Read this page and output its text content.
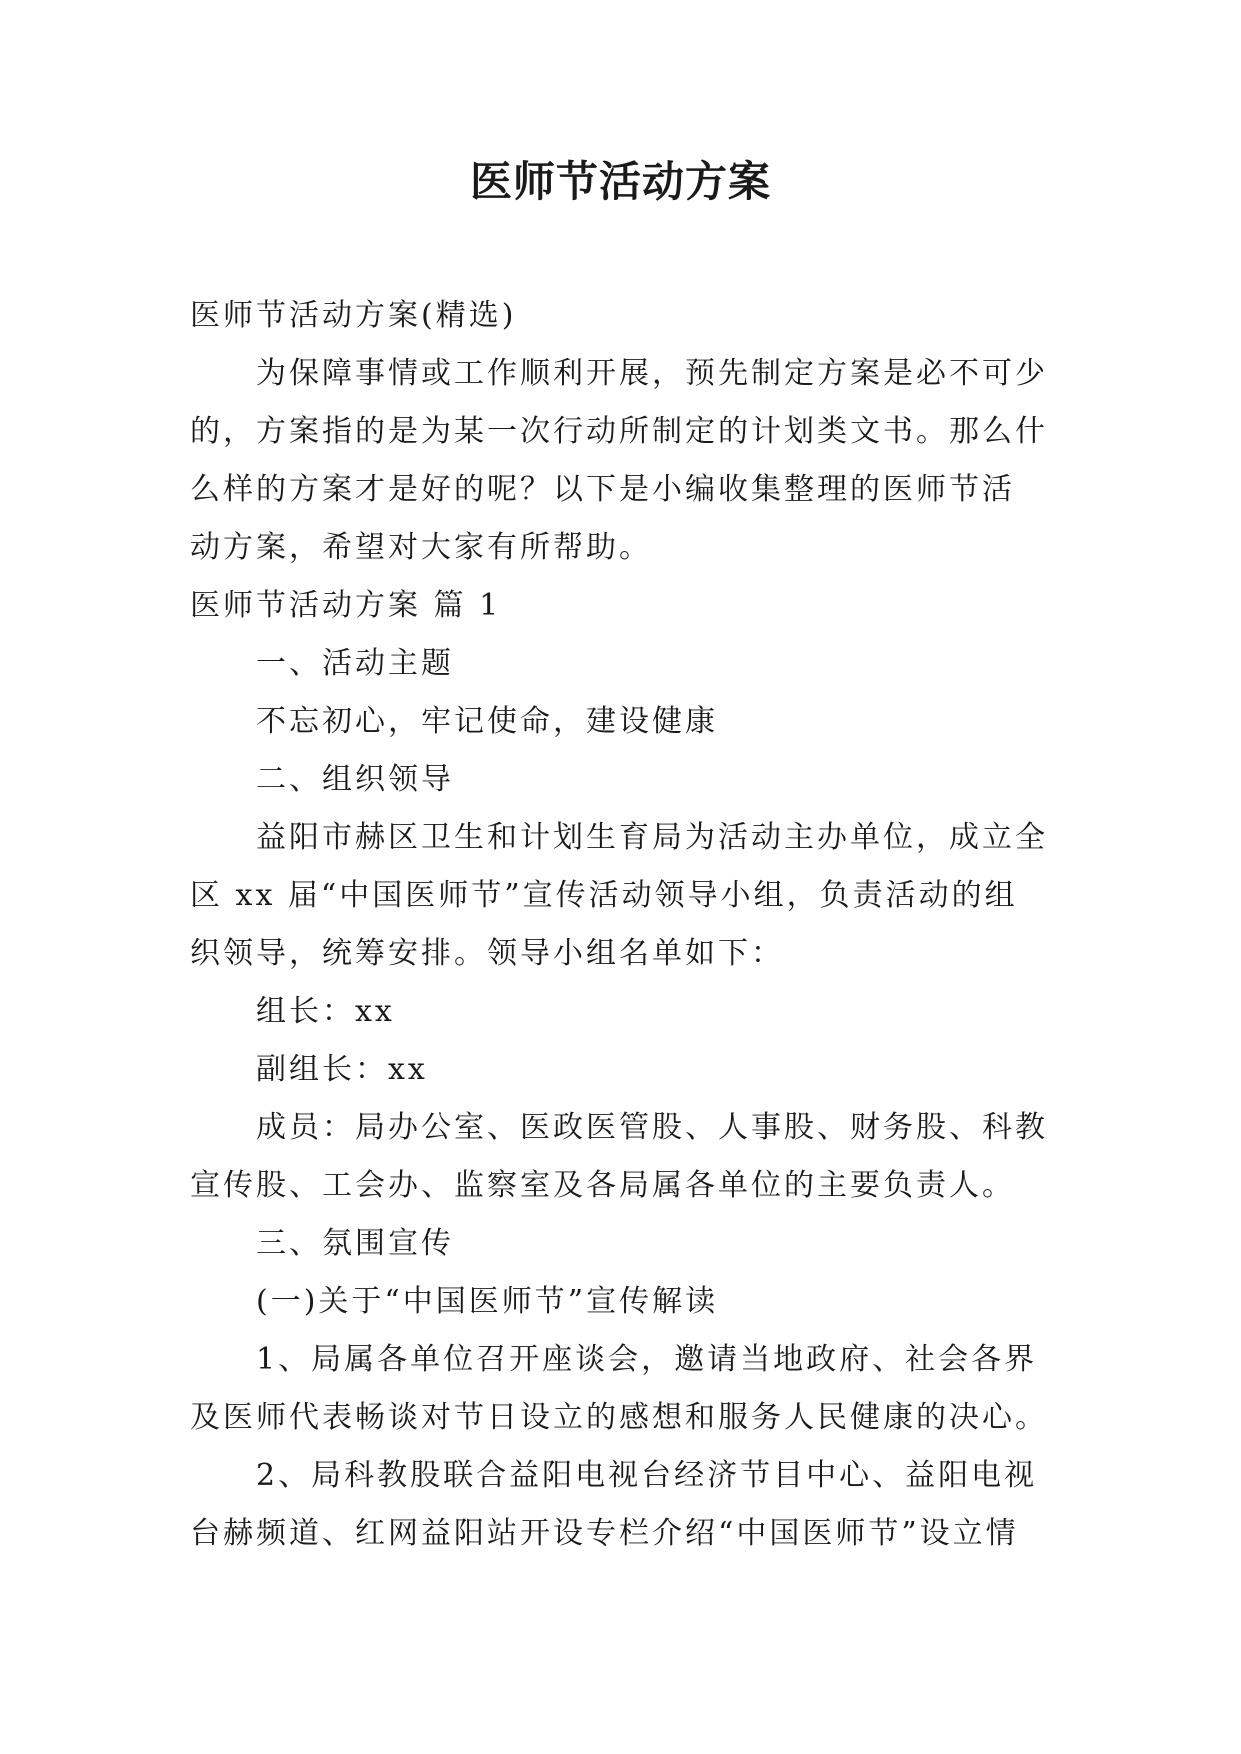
医师节活动方案

医师节活动方案(精选)

为保障事情或工作顺利开展，预先制定方案是必不可少

的，方案指的是为某一次行动所制定的计划类文书。那么什

么样的方案才是好的呢？以下是小编收集整理的医师节活

动方案，希望对大家有所帮助。

医师节活动方案 篇 1

一、活动主题

不忘初心，牢记使命，建设健康

二、组织领导

益阳市赫区卫生和计划生育局为活动主办单位，成立全

区 xx 届“中国医师节”宣传活动领导小组，负责活动的组

织领导，统筹安排。领导小组名单如下：

组长：xx

副组长：xx

成员：局办公室、医政医管股、人事股、财务股、科教

宣传股、工会办、监察室及各局属各单位的主要负责人。

三、氛围宣传

(一)关于“中国医师节”宣传解读

1、局属各单位召开座谈会，邀请当地政府、社会各界

及医师代表畅谈对节日设立的感想和服务人民健康的决心。

2、局科教股联合益阳电视台经济节目中心、益阳电视

台赫频道、红网益阳站开设专栏介绍“中国医师节”设立情
